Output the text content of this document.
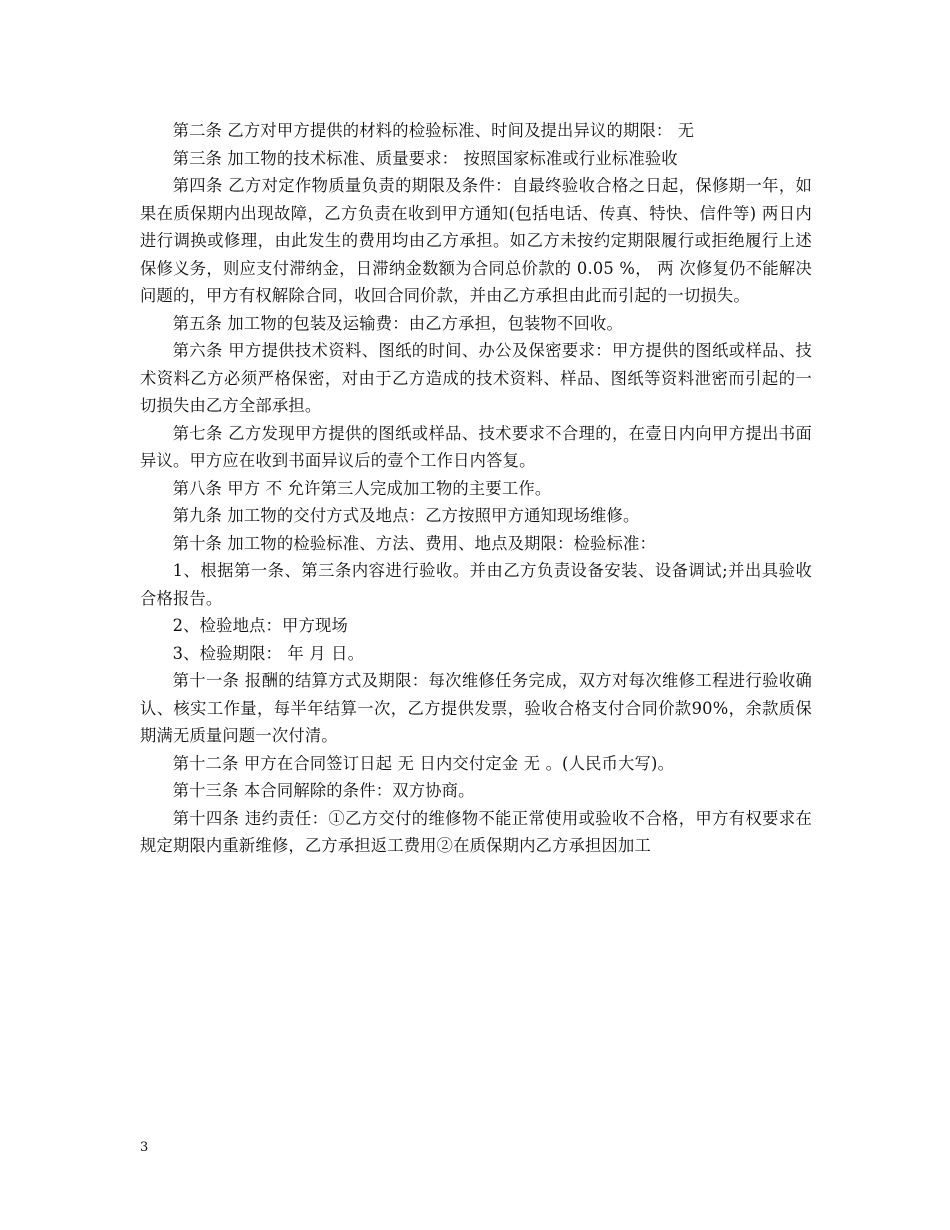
第二条 乙方对甲方提供的材料的检验标准、时间及提出异议的期限： 无

第三条 加工物的技术标准、质量要求： 按照国家标准或行业标准验收

第四条 乙方对定作物质量负责的期限及条件：自最终验收合格之日起，保修期一年，如果在质保期内出现故障，乙方负责在收到甲方通知(包括电话、传真、特快、信件等) 两日内进行调换或修理，由此发生的费用均由乙方承担。如乙方未按约定期限履行或拒绝履行上述保修义务，则应支付滞纳金，日滞纳金数额为合同总价款的 0.05 %， 两 次修复仍不能解决问题的，甲方有权解除合同，收回合同价款，并由乙方承担由此而引起的一切损失。

第五条 加工物的包装及运输费：由乙方承担，包装物不回收。

第六条 甲方提供技术资料、图纸的时间、办公及保密要求：甲方提供的图纸或样品、技术资料乙方必须严格保密，对由于乙方造成的技术资料、样品、图纸等资料泄密而引起的一切损失由乙方全部承担。

第七条 乙方发现甲方提供的图纸或样品、技术要求不合理的，在壹日内向甲方提出书面异议。甲方应在收到书面异议后的壹个工作日内答复。

第八条 甲方 不 允许第三人完成加工物的主要工作。

第九条 加工物的交付方式及地点：乙方按照甲方通知现场维修。

第十条 加工物的检验标准、方法、费用、地点及期限：检验标准：

1、根据第一条、第三条内容进行验收。并由乙方负责设备安装、设备调试;并出具验收合格报告。

2、检验地点：甲方现场

3、检验期限： 年 月 日。

第十一条 报酬的结算方式及期限：每次维修任务完成，双方对每次维修工程进行验收确认、核实工作量，每半年结算一次，乙方提供发票，验收合格支付合同价款90%，余款质保期满无质量问题一次付清。

第十二条 甲方在合同签订日起 无 日内交付定金 无 。(人民币大写)。

第十三条 本合同解除的条件：双方协商。

第十四条 违约责任：①乙方交付的维修物不能正常使用或验收不合格，甲方有权要求在规定期限内重新维修，乙方承担返工费用②在质保期内乙方承担因加工

3
